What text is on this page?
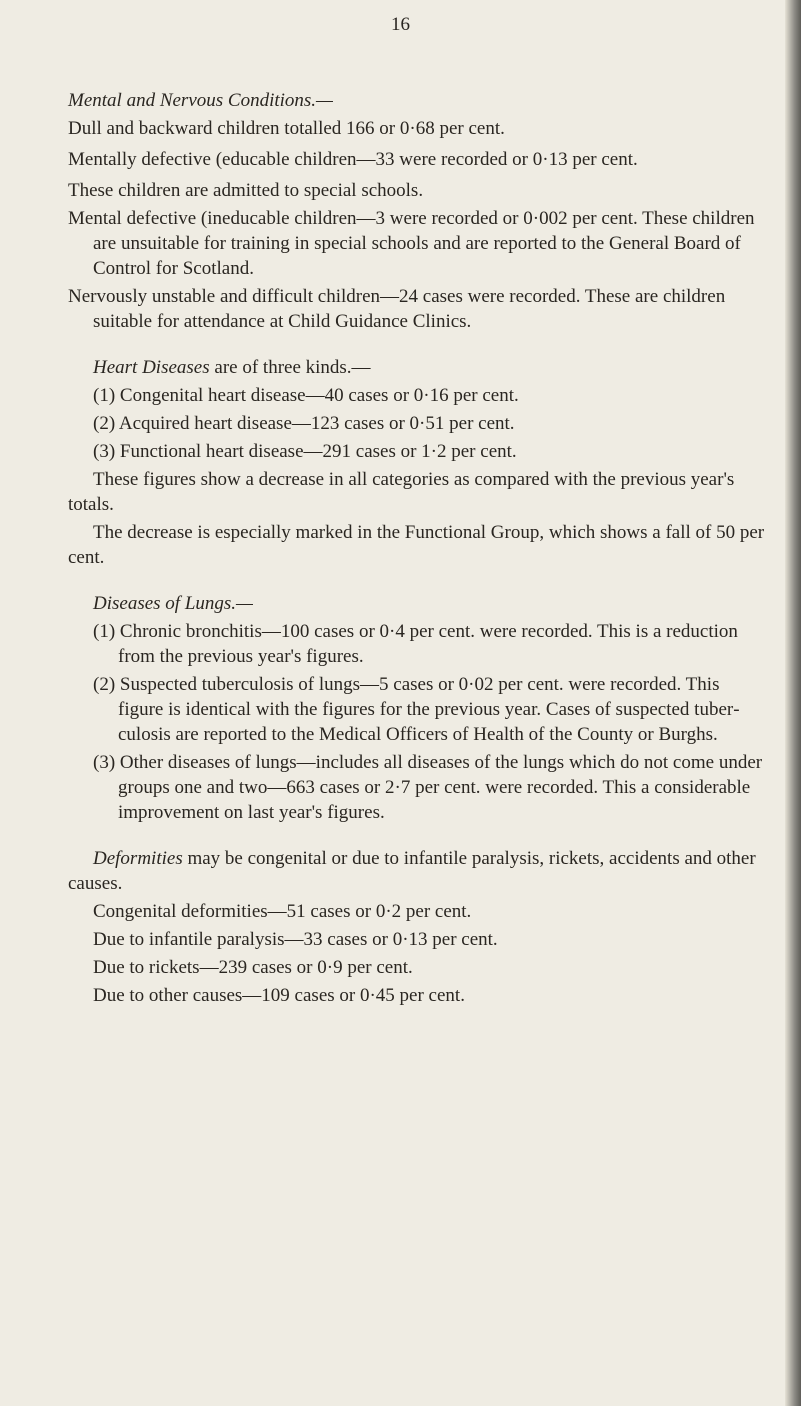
16

Mental and Nervous Conditions.—

Dull and backward children totalled 166 or 0·68 per cent.

Mentally defective (educable children—33 were recorded or 0·13 per cent.

These children are admitted to special schools.

Mental defective (ineducable children—3 were recorded or 0·002 per cent. These children are unsuitable for training in special schools and are reported to the General Board of Control for Scotland.

Nervously unstable and difficult children—24 cases were recorded. These are children suitable for attendance at Child Guidance Clinics.

Heart Diseases are of three kinds.—

(1) Congenital heart disease—40 cases or 0·16 per cent.

(2) Acquired heart disease—123 cases or 0·51 per cent.

(3) Functional heart disease—291 cases or 1·2 per cent.

These figures show a decrease in all categories as compared with the previous year's totals.

The decrease is especially marked in the Functional Group, which shows a fall of 50 per cent.

Diseases of Lungs.—

(1) Chronic bronchitis—100 cases or 0·4 per cent. were recorded. This is a reduction from the previous year's figures.

(2) Suspected tuberculosis of lungs—5 cases or 0·02 per cent. were recorded. This figure is identical with the figures for the previous year. Cases of suspected tuberculosis are reported to the Medical Officers of Health of the County or Burghs.

(3) Other diseases of lungs—includes all diseases of the lungs which do not come under groups one and two—663 cases or 2·7 per cent. were recorded. This a considerable improvement on last year's figures.

Deformities may be congenital or due to infantile paralysis, rickets, accidents and other causes.

Congenital deformities—51 cases or 0·2 per cent.

Due to infantile paralysis—33 cases or 0·13 per cent.

Due to rickets—239 cases or 0·9 per cent.

Due to other causes—109 cases or 0·45 per cent.
